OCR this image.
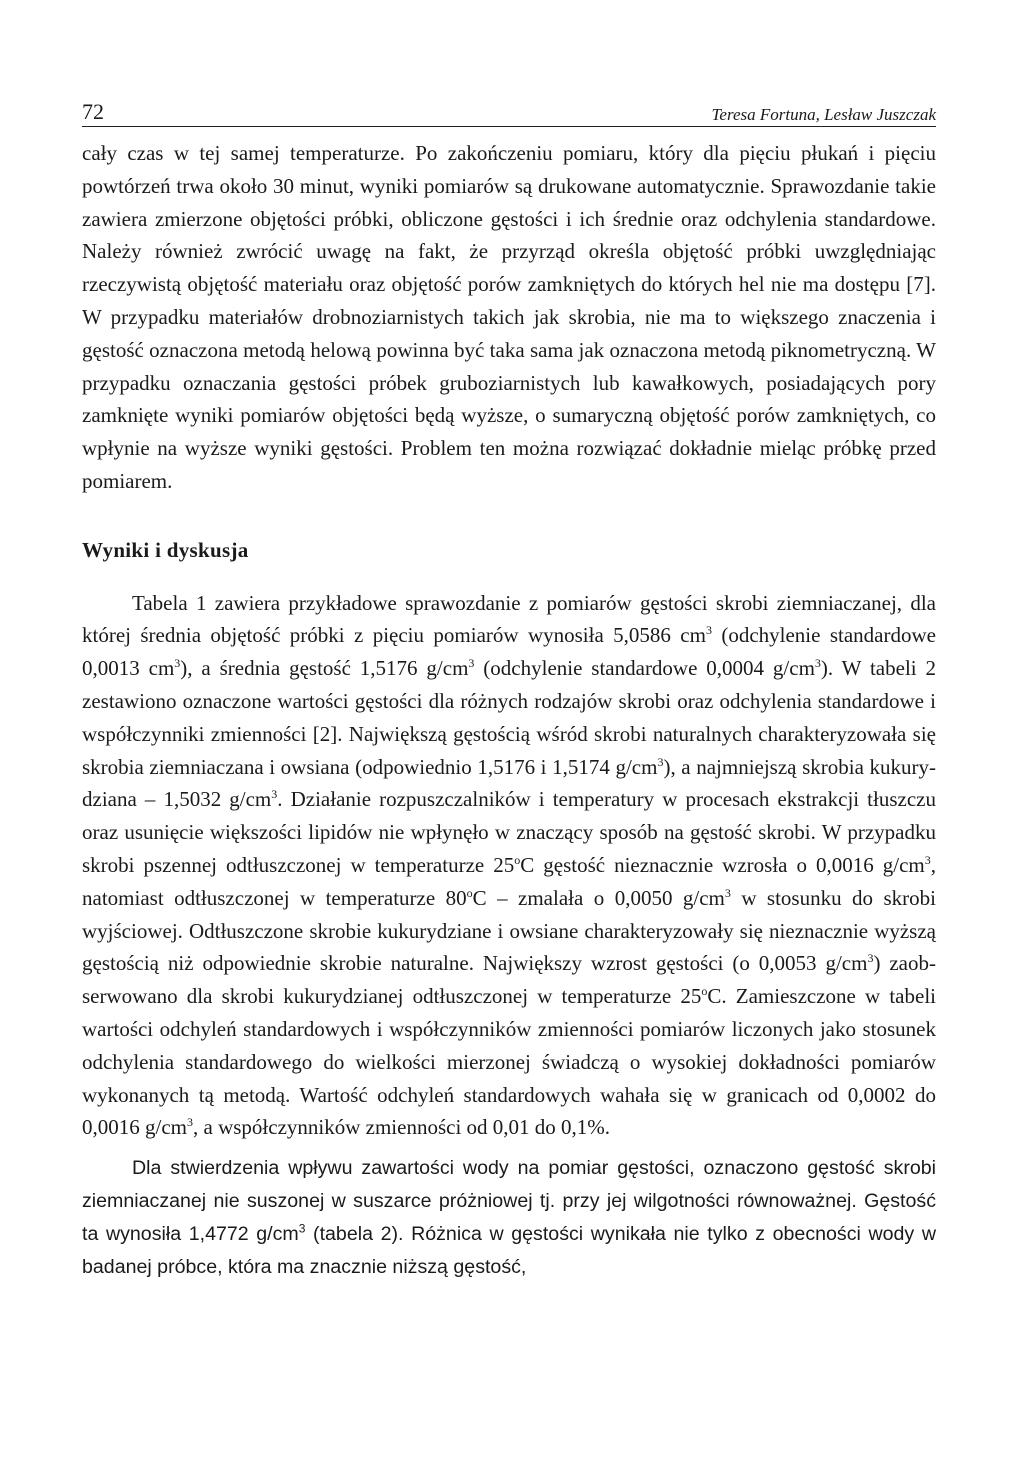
72	Teresa Fortuna, Lesław Juszczak

cały czas w tej samej temperaturze. Po zakończeniu pomiaru, który dla pięciu płukań i pięciu powtórzeń trwa około 30 minut, wyniki pomiarów są drukowane automatycznie. Sprawozdanie takie zawiera zmierzone objętości próbki, obliczone gęstości i ich średnie oraz odchylenia standardowe. Należy również zwrócić uwagę na fakt, że przyrząd określa objętość próbki uwzględniając rzeczywistą objętość materiału oraz objętość porów zamkniętych do których hel nie ma dostępu [7]. W przypadku materiałów drobnoziarnistych takich jak skrobia, nie ma to większego znaczenia i gęstość oznaczona metodą helową powinna być taka sama jak oznaczona metodą piknometryczną. W przypadku oznaczania gęstości próbek gruboziarnistych lub kawałkowych, posiadających pory zamknięte wyniki pomiarów objętości będą wyższe, o sumaryczną objętość porów zamkniętych, co wpłynie na wyższe wyniki gęstości. Problem ten można rozwiązać dokładnie mieląc próbkę przed pomiarem.

Wyniki i dyskusja

Tabela 1 zawiera przykładowe sprawozdanie z pomiarów gęstości skrobi ziemniaczanej, dla której średnia objętość próbki z pięciu pomiarów wynosiła 5,0586 $cm^3$ (odchylenie standardowe 0,0013 $cm^3$), a średnia gęstość 1,5176 $g/cm^3$ (odchylenie standardowe 0,0004 $g/cm^3$). W tabeli 2 zestawiono oznaczone wartości gęstości dla różnych rodzajów skrobi oraz odchylenia standardowe i współczynniki zmienności [2]. Największą gęstością wśród skrobi naturalnych charakteryzowała się skrobia ziemniaczana i owsiana (odpowiednio 1,5176 i 1,5174 $g/cm^3$), a najmniejszą skrobia kukurydziana – 1,5032 $g/cm^3$. Działanie rozpuszczalników i temperatury w procesach ekstrakcji tłuszczu oraz usunięcie większości lipidów nie wpłynęło w znaczący sposób na gęstość skrobi. W przypadku skrobi pszennej odtłuszczonej w temperaturze 25$^o$C gęstość nieznacznie wzrosła o 0,0016 $g/cm^3$, natomiast odtłuszczonej w temperaturze 80$^o$C – zmalała o 0,0050 $g/cm^3$ w stosunku do skrobi wyjściowej. Odtłuszczone skrobie kukurydziane i owsiane charakteryzowały się nieznacznie wyższą gęstością niż odpowiednie skrobie naturalne. Największy wzrost gęstości (o 0,0053 $g/cm^3$) zaobserwowano dla skrobi kukurydzianej odtłuszczonej w temperaturze 25$^o$C. Zamieszczone w tabeli wartości odchyleń standardowych i współczynników zmienności pomiarów liczonych jako stosunek odchylenia standardowego do wielkości mierzonej świadczą o wysokiej dokładności pomiarów wykonanych tą metodą. Wartość odchyleń standardowych wahała się w granicach od 0,0002 do 0,0016 $g/cm^3$, a współczynników zmienności od 0,01 do 0,1%.

Dla stwierdzenia wpływu zawartości wody na pomiar gęstości, oznaczono gęstość skrobi ziemniaczanej nie suszonej w suszarce próżniowej tj. przy jej wilgotności równoważnej. Gęstość ta wynosiła 1,4772 $g/cm^3$ (tabela 2). Różnica w gęstości wynikała nie tylko z obecności wody w badanej próbce, która ma znacznie niższą gęstość,
